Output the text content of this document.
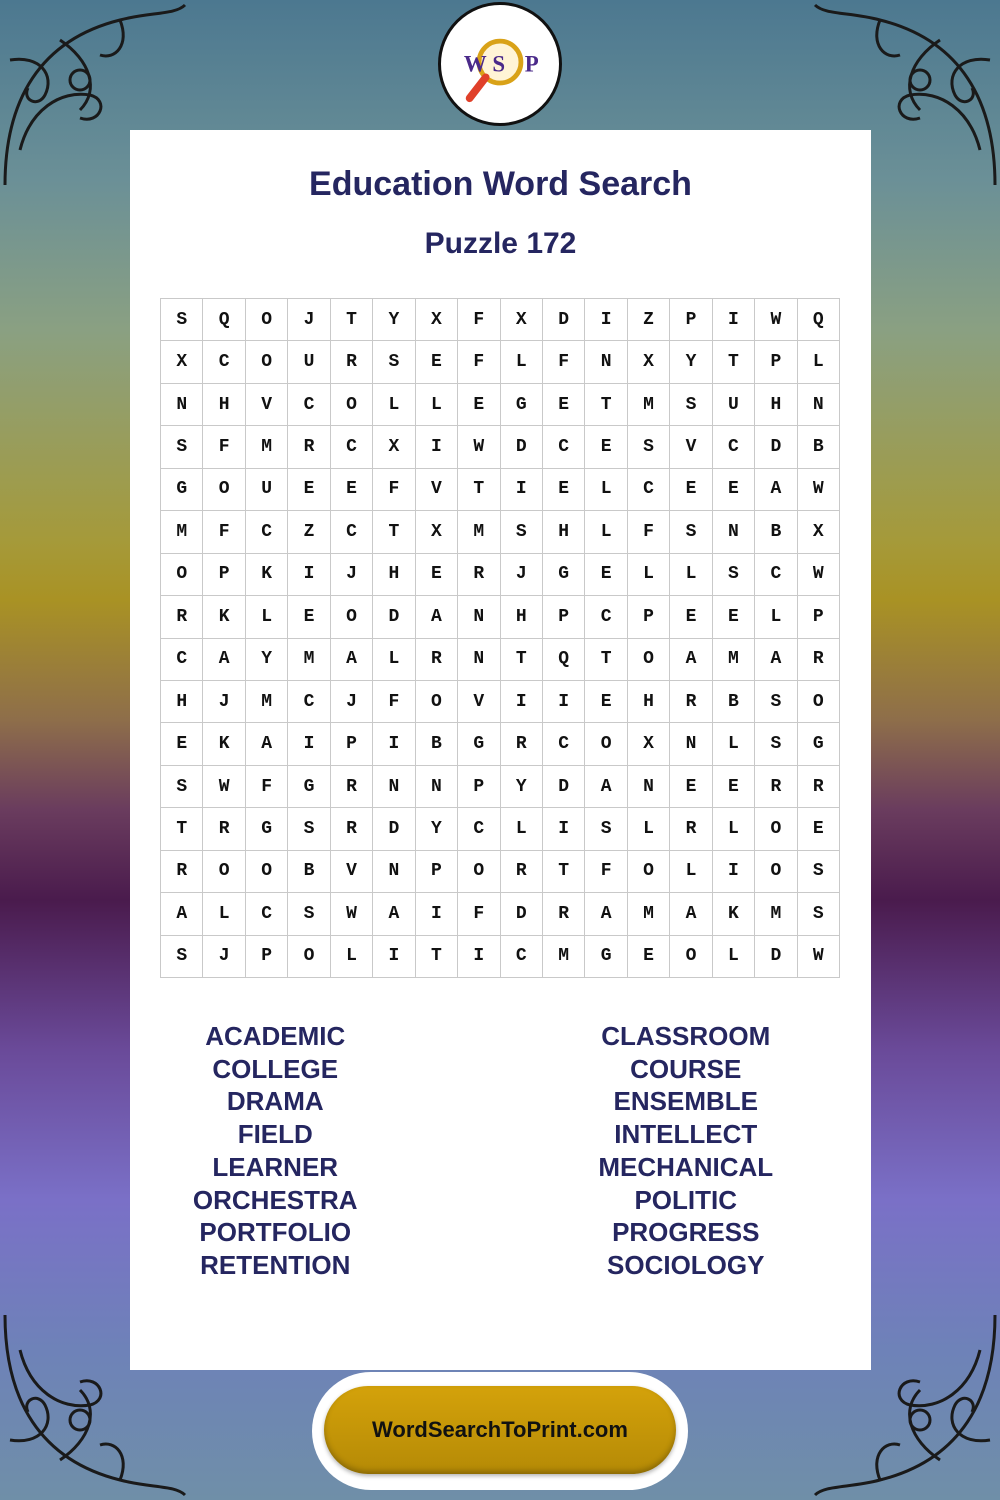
W S P
Education Word Search
Puzzle 172
S	Q	O	J	T	Y	X	F	X	D	I	Z	P	I	W	Q
X	C	O	U	R	S	E	F	L	F	N	X	Y	T	P	L
N	H	V	C	O	L	L	E	G	E	T	M	S	U	H	N
S	F	M	R	C	X	I	W	D	C	E	S	V	C	D	B
G	O	U	E	E	F	V	T	I	E	L	C	E	E	A	W
M	F	C	Z	C	T	X	M	S	H	L	F	S	N	B	X
O	P	K	I	J	H	E	R	J	G	E	L	L	S	C	W
R	K	L	E	O	D	A	N	H	P	C	P	E	E	L	P
C	A	Y	M	A	L	R	N	T	Q	T	O	A	M	A	R
H	J	M	C	J	F	O	V	I	I	E	H	R	B	S	O
E	K	A	I	P	I	B	G	R	C	O	X	N	L	S	G
S	W	F	G	R	N	N	P	Y	D	A	N	E	E	R	R
T	R	G	S	R	D	Y	C	L	I	S	L	R	L	O	E
R	O	O	B	V	N	P	O	R	T	F	O	L	I	O	S
A	L	C	S	W	A	I	F	D	R	A	M	A	K	M	S
S	J	P	O	L	I	T	I	C	M	G	E	O	L	D	W
ACADEMIC
COLLEGE
DRAMA
FIELD
LEARNER
ORCHESTRA
PORTFOLIO
RETENTION
CLASSROOM
COURSE
ENSEMBLE
INTELLECT
MECHANICAL
POLITIC
PROGRESS
SOCIOLOGY
WordSearchToPrint.com
